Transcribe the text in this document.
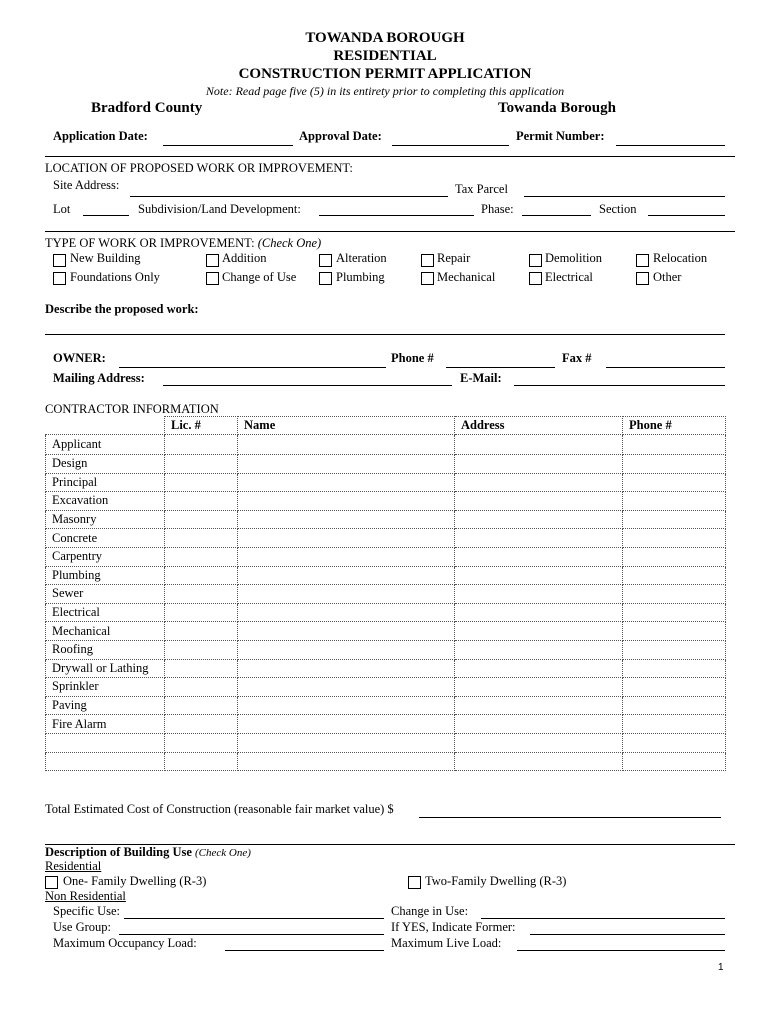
TOWANDA BOROUGH
RESIDENTIAL
CONSTRUCTION PERMIT APPLICATION
Note: Read page five (5) in its entirety prior to completing this application
Bradford County	Towanda Borough
Application Date:	Approval Date:	Permit Number:
LOCATION OF PROPOSED WORK OR IMPROVEMENT:
Site Address:	Tax Parcel
Lot	Subdivision/Land Development:	Phase:	Section
TYPE OF WORK OR IMPROVEMENT: (Check One)
New Building	Addition	Alteration	Repair	Demolition	Relocation
Foundations Only	Change of Use	Plumbing	Mechanical	Electrical	Other
Describe the proposed work:
OWNER:	Phone #	Fax #
Mailing Address:	E-Mail:
CONTRACTOR INFORMATION
	Lic. #	Name	Address	Phone #
Applicant				
Design				
Principal				
Excavation				
Masonry				
Concrete				
Carpentry				
Plumbing				
Sewer				
Electrical				
Mechanical				
Roofing				
Drywall or Lathing				
Sprinkler				
Paving				
Fire Alarm				

Total Estimated Cost of Construction (reasonable fair market value) $
Description of Building Use (Check One)
Residential
One- Family Dwelling (R-3)	Two-Family Dwelling (R-3)
Non Residential
Specific Use:
Use Group:
Maximum Occupancy Load:
Change in Use:
If YES, Indicate Former:
Maximum Live Load:
1
